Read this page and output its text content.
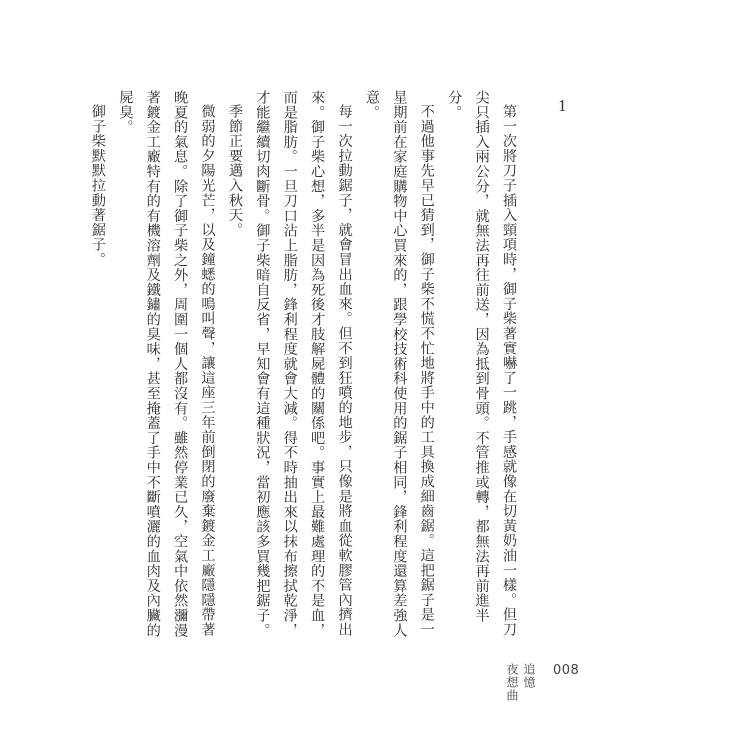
1

第一次將刀子插入頸項時，御子柴著實嚇了一跳，手感就像在切黃奶油一樣。但刀尖只插入兩公分，就無法再往前送，因為抵到骨頭。不管推或轉，都無法再前進半分。

不過他事先早已猜到，御子柴不慌不忙地將手中的工具換成細齒鋸。這把鋸子是一星期前在家庭購物中心買來的，跟學校技術科使用的鋸子相同，鋒利程度還算差強人意。

每一次拉動鋸子，就會冒出血來。但不到狂噴的地步，只像是將血從軟膠管內擠出來。御子柴心想，多半是因為死後才肢解屍體的關係吧。事實上最難處理的不是血，而是脂肪。一旦刀口沾上脂肪，鋒利程度就會大減。得不時抽出來以抹布擦拭乾淨，才能繼續切肉斷骨。御子柴暗自反省，早知會有這種狀況，當初應該多買幾把鋸子。

季節正要邁入秋天。

微弱的夕陽光芒，以及鐘蟋的鳴叫聲，讓這座三年前倒閉的廢棄鍍金工廠隱隱帶著晚夏的氣息。除了御子柴之外，周圍一個人都沒有。雖然停業已久，空氣中依然瀰漫著鍍金工廠特有的有機溶劑及鐵鏽的臭味，甚至掩蓋了手中不斷噴灑的血肉及內臟的屍臭。

御子柴默默拉動著鋸子。

追憶
夜想曲	008
